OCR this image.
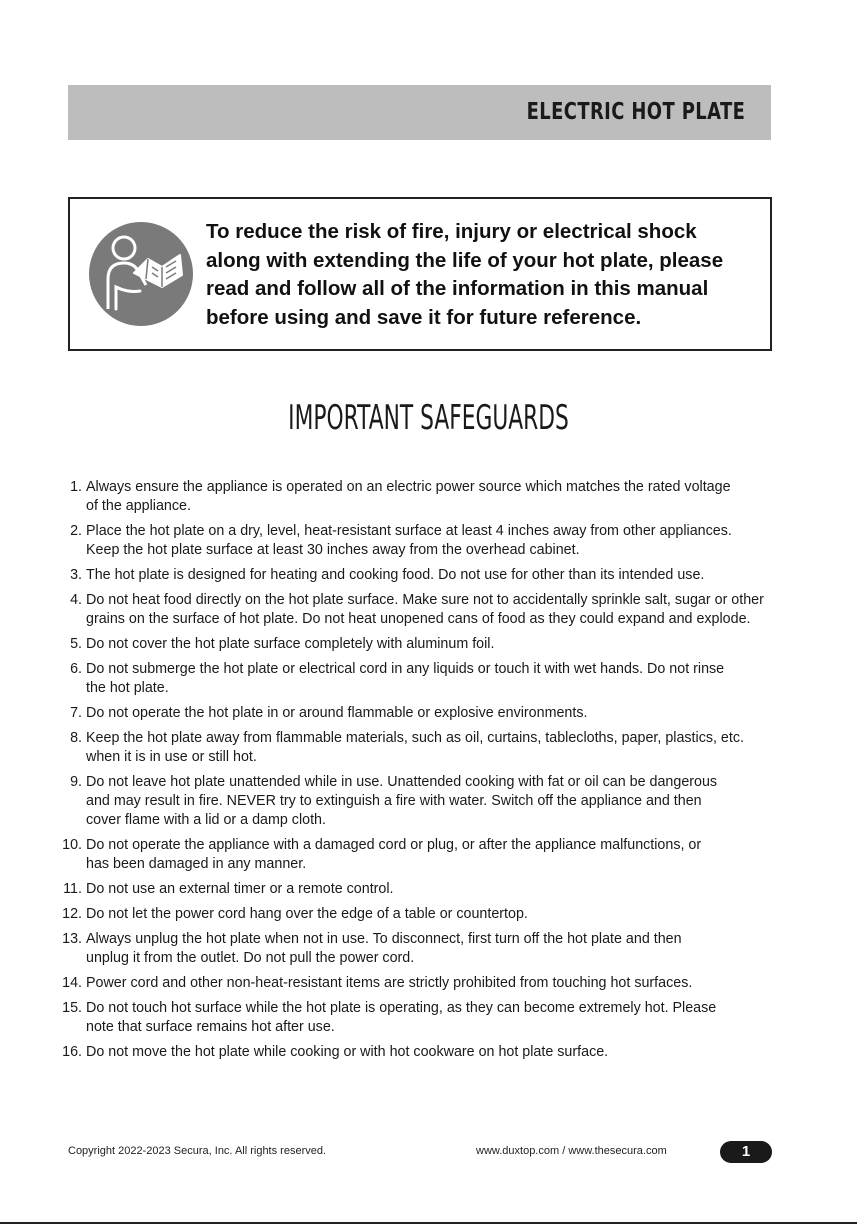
ELECTRIC HOT PLATE
To reduce the risk of fire, injury or electrical shock
along with extending the life of your hot plate, please
read and follow all of the information in this manual
before using and save it for future reference.
IMPORTANT SAFEGUARDS
1. Always ensure the appliance is operated on an electric power source which matches the rated voltage
of the appliance.
2. Place the hot plate on a dry, level, heat-resistant surface at least 4 inches away from other appliances.
Keep the hot plate surface at least 30 inches away from the overhead cabinet.
3. The hot plate is designed for heating and cooking food. Do not use for other than its intended use.
4. Do not heat food directly on the hot plate surface. Make sure not to accidentally sprinkle salt, sugar or other
grains on the surface of hot plate. Do not heat unopened cans of food as they could expand and explode.
5. Do not cover the hot plate surface completely with aluminum foil.
6. Do not submerge the hot plate or electrical cord in any liquids or touch it with wet hands. Do not rinse
the hot plate.
7. Do not operate the hot plate in or around flammable or explosive environments.
8. Keep the hot plate away from flammable materials, such as oil, curtains, tablecloths, paper, plastics, etc.
when it is in use or still hot.
9. Do not leave hot plate unattended while in use. Unattended cooking with fat or oil can be dangerous
and may result in fire. NEVER try to extinguish a fire with water. Switch off the appliance and then
cover flame with a lid or a damp cloth.
10. Do not operate the appliance with a damaged cord or plug, or after the appliance malfunctions, or
has been damaged in any manner.
11. Do not use an external timer or a remote control.
12. Do not let the power cord hang over the edge of a table or countertop.
13. Always unplug the hot plate when not in use. To disconnect, first turn off the hot plate and then
unplug it from the outlet. Do not pull the power cord.
14. Power cord and other non-heat-resistant items are strictly prohibited from touching hot surfaces.
15. Do not touch hot surface while the hot plate is operating, as they can become extremely hot. Please
note that surface remains hot after use.
16. Do not move the hot plate while cooking or with hot cookware on hot plate surface.
Copyright 2022-2023 Secura, Inc. All rights reserved.	www.duxtop.com / www.thesecura.com	1
